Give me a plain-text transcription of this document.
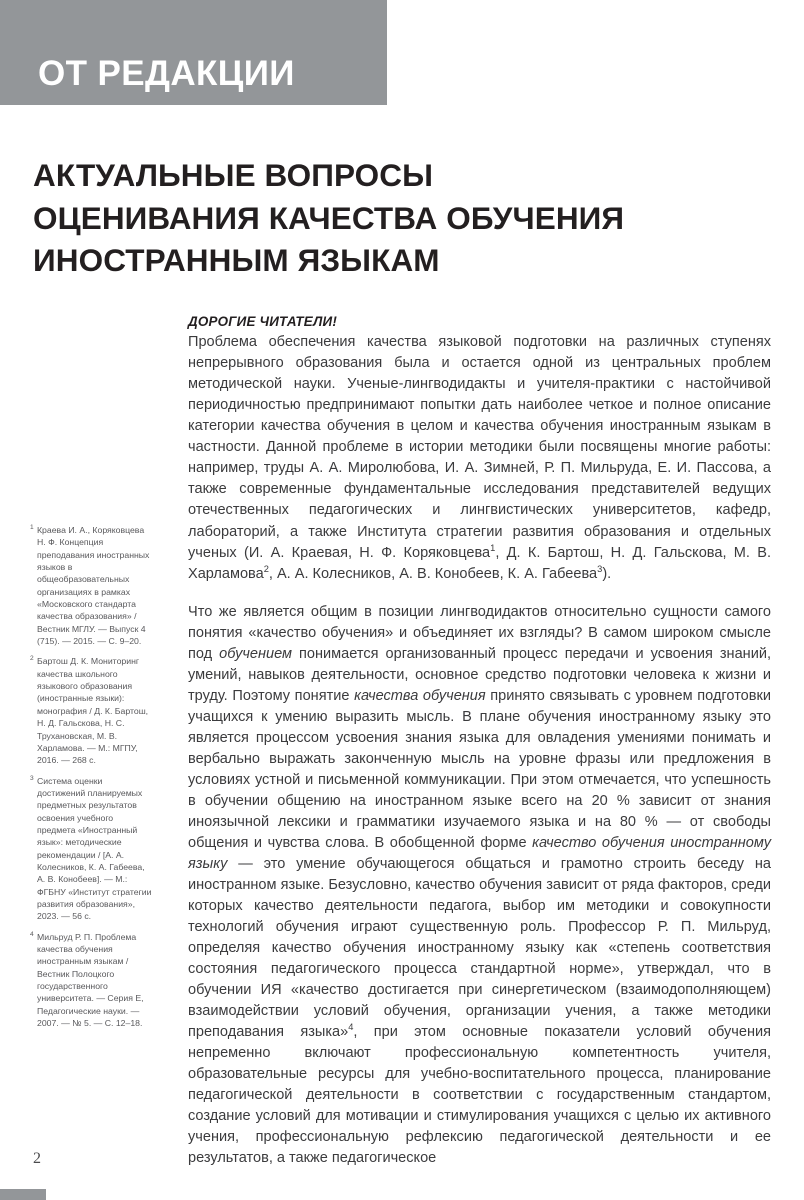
ОТ РЕДАКЦИИ
АКТУАЛЬНЫЕ ВОПРОСЫ
ОЦЕНИВАНИЯ КАЧЕСТВА ОБУЧЕНИЯ
ИНОСТРАННЫМ ЯЗЫКАМ
1 Краева И. А., Коряковцева Н. Ф. Концепция преподавания иностранных языков в общеобразовательных организациях в рамках «Московского стандарта качества образования» / Вестник МГЛУ. — Выпуск 4 (715). — 2015. — С. 9–20.
2 Бартош Д. К. Мониторинг качества школьного языкового образования (иностранные языки): монография / Д. К. Бартош, Н. Д. Гальскова, Н. С. Трухановская, М. В. Харламова. — М.: МГПУ, 2016. — 268 с.
3 Система оценки достижений планируемых предметных результатов освоения учебного предмета «Иностранный язык»: методические рекомендации / [А. А. Колесников, К. А. Габеева, А. В. Конобеев]. — М.: ФГБНУ «Институт стратегии развития образования», 2023. — 56 с.
4 Мильруд Р. П. Проблема качества обучения иностранным языкам / Вестник Полоцкого государственного университета. — Серия Е, Педагогические науки. — 2007. — № 5. — С. 12–18.

ДОРОГИЕ ЧИТАТЕЛИ!

Проблема обеспечения качества языковой подготовки на различных ступенях непрерывного образования была и остается одной из центральных проблем методической науки. Ученые-лингводидакты и учителя-практики с настойчивой периодичностью предпринимают попытки дать наиболее четкое и полное описание категории качества обучения в целом и качества обучения иностранным языкам в частности. Данной проблеме в истории методики были посвящены многие работы: например, труды А. А. Миролюбова, И. А. Зимней, Р. П. Мильруда, Е. И. Пассова, а также современные фундаментальные исследования представителей ведущих отечественных педагогических и лингвистических университетов, кафедр, лабораторий, а также Института стратегии развития образования и отдельных ученых (И. А. Краевая, Н. Ф. Коряковцева$^1$, Д. К. Бартош, Н. Д. Гальскова, М. В. Харламова$^2$, А. А. Колесников, А. В. Конобеев, К. А. Габеева$^3$).

Что же является общим в позиции лингводидактов относительно сущности самого понятия «качество обучения» и объединяет их взгляды? В самом широком смысле под обучением понимается организованный процесс передачи и усвоения знаний, умений, навыков деятельности, основное средство подготовки человека к жизни и труду. Поэтому понятие качества обучения принято связывать с уровнем подготовки учащихся к умению выразить мысль. В плане обучения иностранному языку это является процессом усвоения знания языка для овладения умениями понимать и вербально выражать законченную мысль на уровне фразы или предложения в условиях устной и письменной коммуникации. При этом отмечается, что успешность в обучении общению на иностранном языке всего на 20 % зависит от знания иноязычной лексики и грамматики изучаемого языка и на 80 % — от свободы общения и чувства слова. В обобщенной форме качество обучения иностранному языку — это умение обучающегося общаться и грамотно строить беседу на иностранном языке. Безусловно, качество обучения зависит от ряда факторов, среди которых качество деятельности педагога, выбор им методики и совокупности технологий обучения играют существенную роль. Профессор Р. П. Мильруд, определяя качество обучения иностранному языку как «степень соответствия состояния педагогического процесса стандартной норме», утверждал, что в обучении ИЯ «качество достигается при синергетическом (взаимодополняющем) взаимодействии условий обучения, организации учения, а также методики преподавания языка»$^4$, при этом основные показатели условий обучения непременно включают профессиональную компетентность учителя, образовательные ресурсы для учебно-воспитательного процесса, планирование педагогической деятельности в соответствии с государственным стандартом, создание условий для мотивации и стимулирования учащихся с целью их активного учения, профессиональную рефлексию педагогической деятельности и ее результатов, а также педагогическое

2
